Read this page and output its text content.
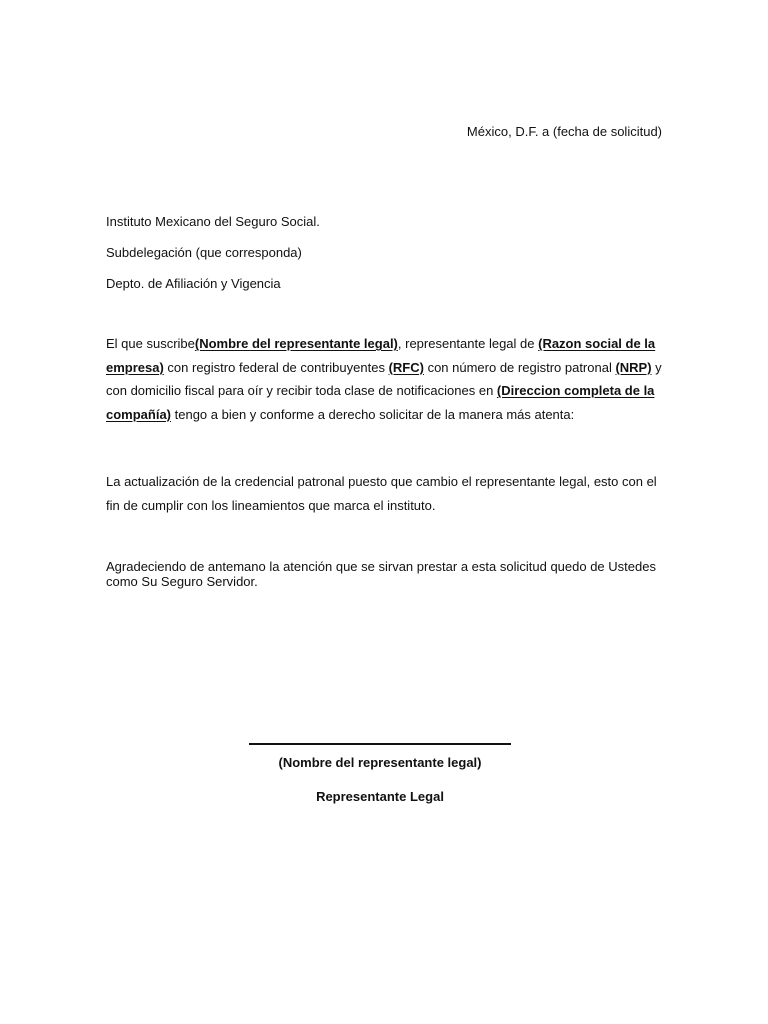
México, D.F. a (fecha de solicitud)
Instituto Mexicano del Seguro Social.
Subdelegación (que corresponda)
Depto. de Afiliación y Vigencia
El que suscribe(Nombre del representante legal), representante legal de (Razon social de la empresa) con registro federal de contribuyentes (RFC) con número de registro patronal (NRP) y con domicilio fiscal para oír y recibir toda clase de notificaciones en (Direccion completa de la compañía) tengo a bien y conforme a derecho solicitar de la manera más atenta:
La actualización de la credencial patronal puesto que cambio el representante legal, esto con el fin de cumplir con los lineamientos que marca el instituto.
Agradeciendo de antemano la atención que se sirvan prestar a esta solicitud quedo de Ustedes como Su Seguro Servidor.
(Nombre del representante legal)
Representante Legal
